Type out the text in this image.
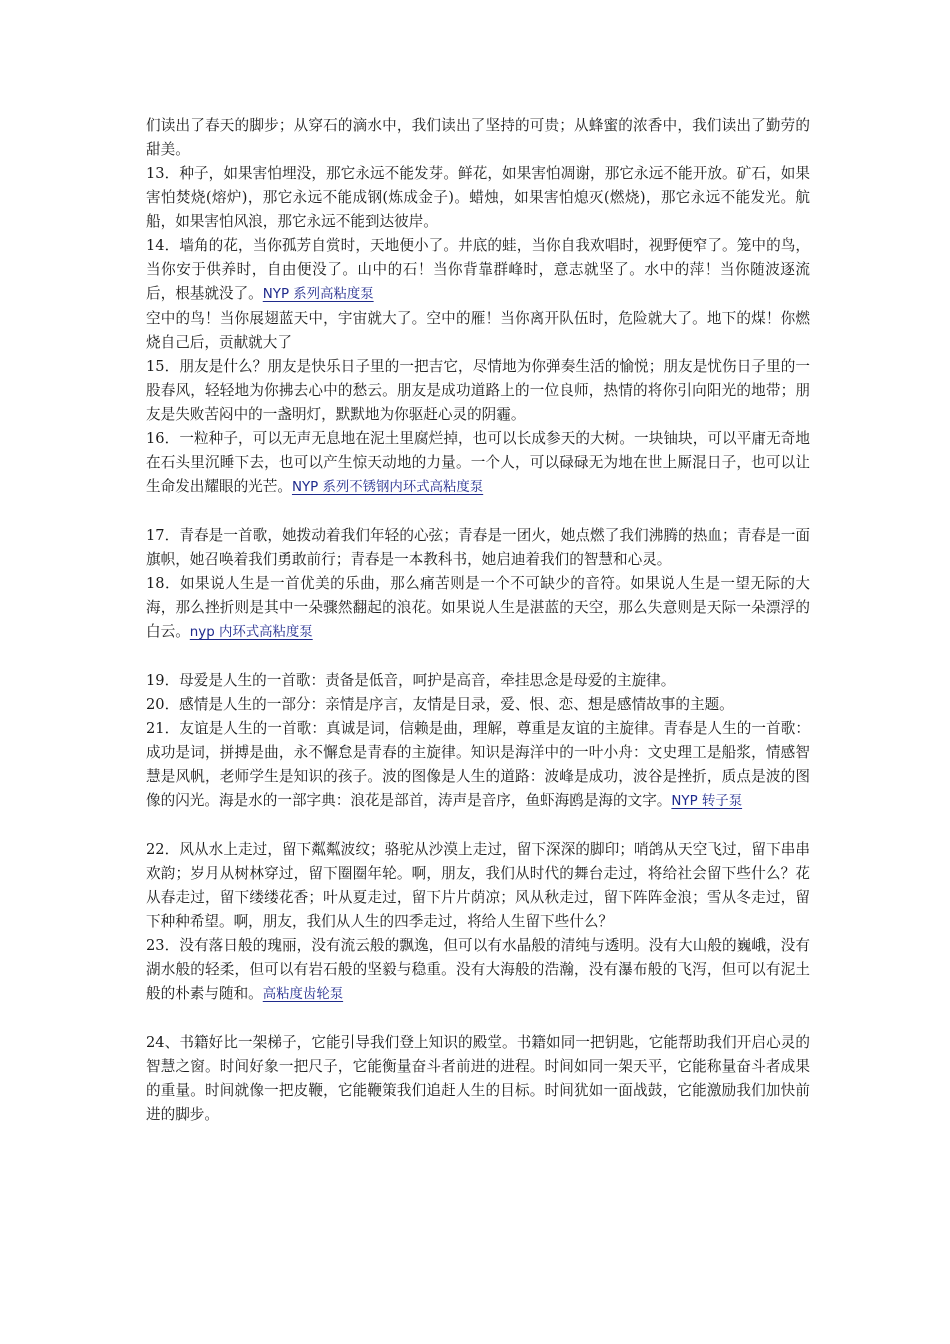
们读出了春天的脚步；从穿石的滴水中，我们读出了坚持的可贵；从蜂蜜的浓香中，我们读出了勤劳的甜美。

13．种子，如果害怕埋没，那它永远不能发芽。鲜花，如果害怕凋谢，那它永远不能开放。矿石，如果害怕焚烧(熔炉)，那它永远不能成钢(炼成金子)。蜡烛，如果害怕熄灭(燃烧)，那它永远不能发光。航船，如果害怕风浪，那它永远不能到达彼岸。

14．墙角的花，当你孤芳自赏时，天地便小了。井底的蛙，当你自我欢唱时，视野便窄了。笼中的鸟，当你安于供养时，自由便没了。山中的石！当你背靠群峰时，意志就坚了。水中的萍！当你随波逐流后，根基就没了。NYP 系列高粘度泵

空中的鸟！当你展翅蓝天中，宇宙就大了。空中的雁！当你离开队伍时，危险就大了。地下的煤！你燃烧自己后，贡献就大了

15．朋友是什么？朋友是快乐日子里的一把吉它，尽情地为你弹奏生活的愉悦；朋友是忧伤日子里的一股春风，轻轻地为你拂去心中的愁云。朋友是成功道路上的一位良师，热情的将你引向阳光的地带；朋友是失败苦闷中的一盏明灯，默默地为你驱赶心灵的阴霾。

16．一粒种子，可以无声无息地在泥土里腐烂掉，也可以长成参天的大树。一块铀块，可以平庸无奇地在石头里沉睡下去，也可以产生惊天动地的力量。一个人，可以碌碌无为地在世上厮混日子，也可以让生命发出耀眼的光芒。NYP 系列不锈钢内环式高粘度泵

17．青春是一首歌，她拨动着我们年轻的心弦；青春是一团火，她点燃了我们沸腾的热血；青春是一面旗帜，她召唤着我们勇敢前行；青春是一本教科书，她启迪着我们的智慧和心灵。

18．如果说人生是一首优美的乐曲，那么痛苦则是一个不可缺少的音符。如果说人生是一望无际的大海，那么挫折则是其中一朵骤然翻起的浪花。如果说人生是湛蓝的天空，那么失意则是天际一朵漂浮的白云。nyp 内环式高粘度泵

19．母爱是人生的一首歌：责备是低音，呵护是高音，牵挂思念是母爱的主旋律。

20．感情是人生的一部分：亲情是序言，友情是目录，爱、恨、恋、想是感情故事的主题。

21．友谊是人生的一首歌：真诚是词，信赖是曲，理解，尊重是友谊的主旋律。青春是人生的一首歌：成功是词，拼搏是曲，永不懈怠是青春的主旋律。知识是海洋中的一叶小舟：文史理工是船浆，情感智慧是风帆，老师学生是知识的孩子。波的图像是人生的道路：波峰是成功，波谷是挫折，质点是波的图像的闪光。海是水的一部字典：浪花是部首，涛声是音序，鱼虾海鸥是海的文字。NYP 转子泵

22．风从水上走过，留下粼粼波纹；骆驼从沙漠上走过，留下深深的脚印；哨鸽从天空飞过，留下串串欢韵；岁月从树林穿过，留下圈圈年轮。啊，朋友，我们从时代的舞台走过，将给社会留下些什么？花从春走过，留下缕缕花香；叶从夏走过，留下片片荫凉；风从秋走过，留下阵阵金浪；雪从冬走过，留下种种希望。啊，朋友，我们从人生的四季走过，将给人生留下些什么？

23．没有落日般的瑰丽，没有流云般的飘逸，但可以有水晶般的清纯与透明。没有大山般的巍峨，没有湖水般的轻柔，但可以有岩石般的坚毅与稳重。没有大海般的浩瀚，没有瀑布般的飞泻，但可以有泥土般的朴素与随和。高粘度齿轮泵

24、书籍好比一架梯子，它能引导我们登上知识的殿堂。书籍如同一把钥匙，它能帮助我们开启心灵的智慧之窗。时间好象一把尺子，它能衡量奋斗者前进的进程。时间如同一架天平，它能称量奋斗者成果的重量。时间就像一把皮鞭，它能鞭策我们追赶人生的目标。时间犹如一面战鼓，它能激励我们加快前进的脚步。
